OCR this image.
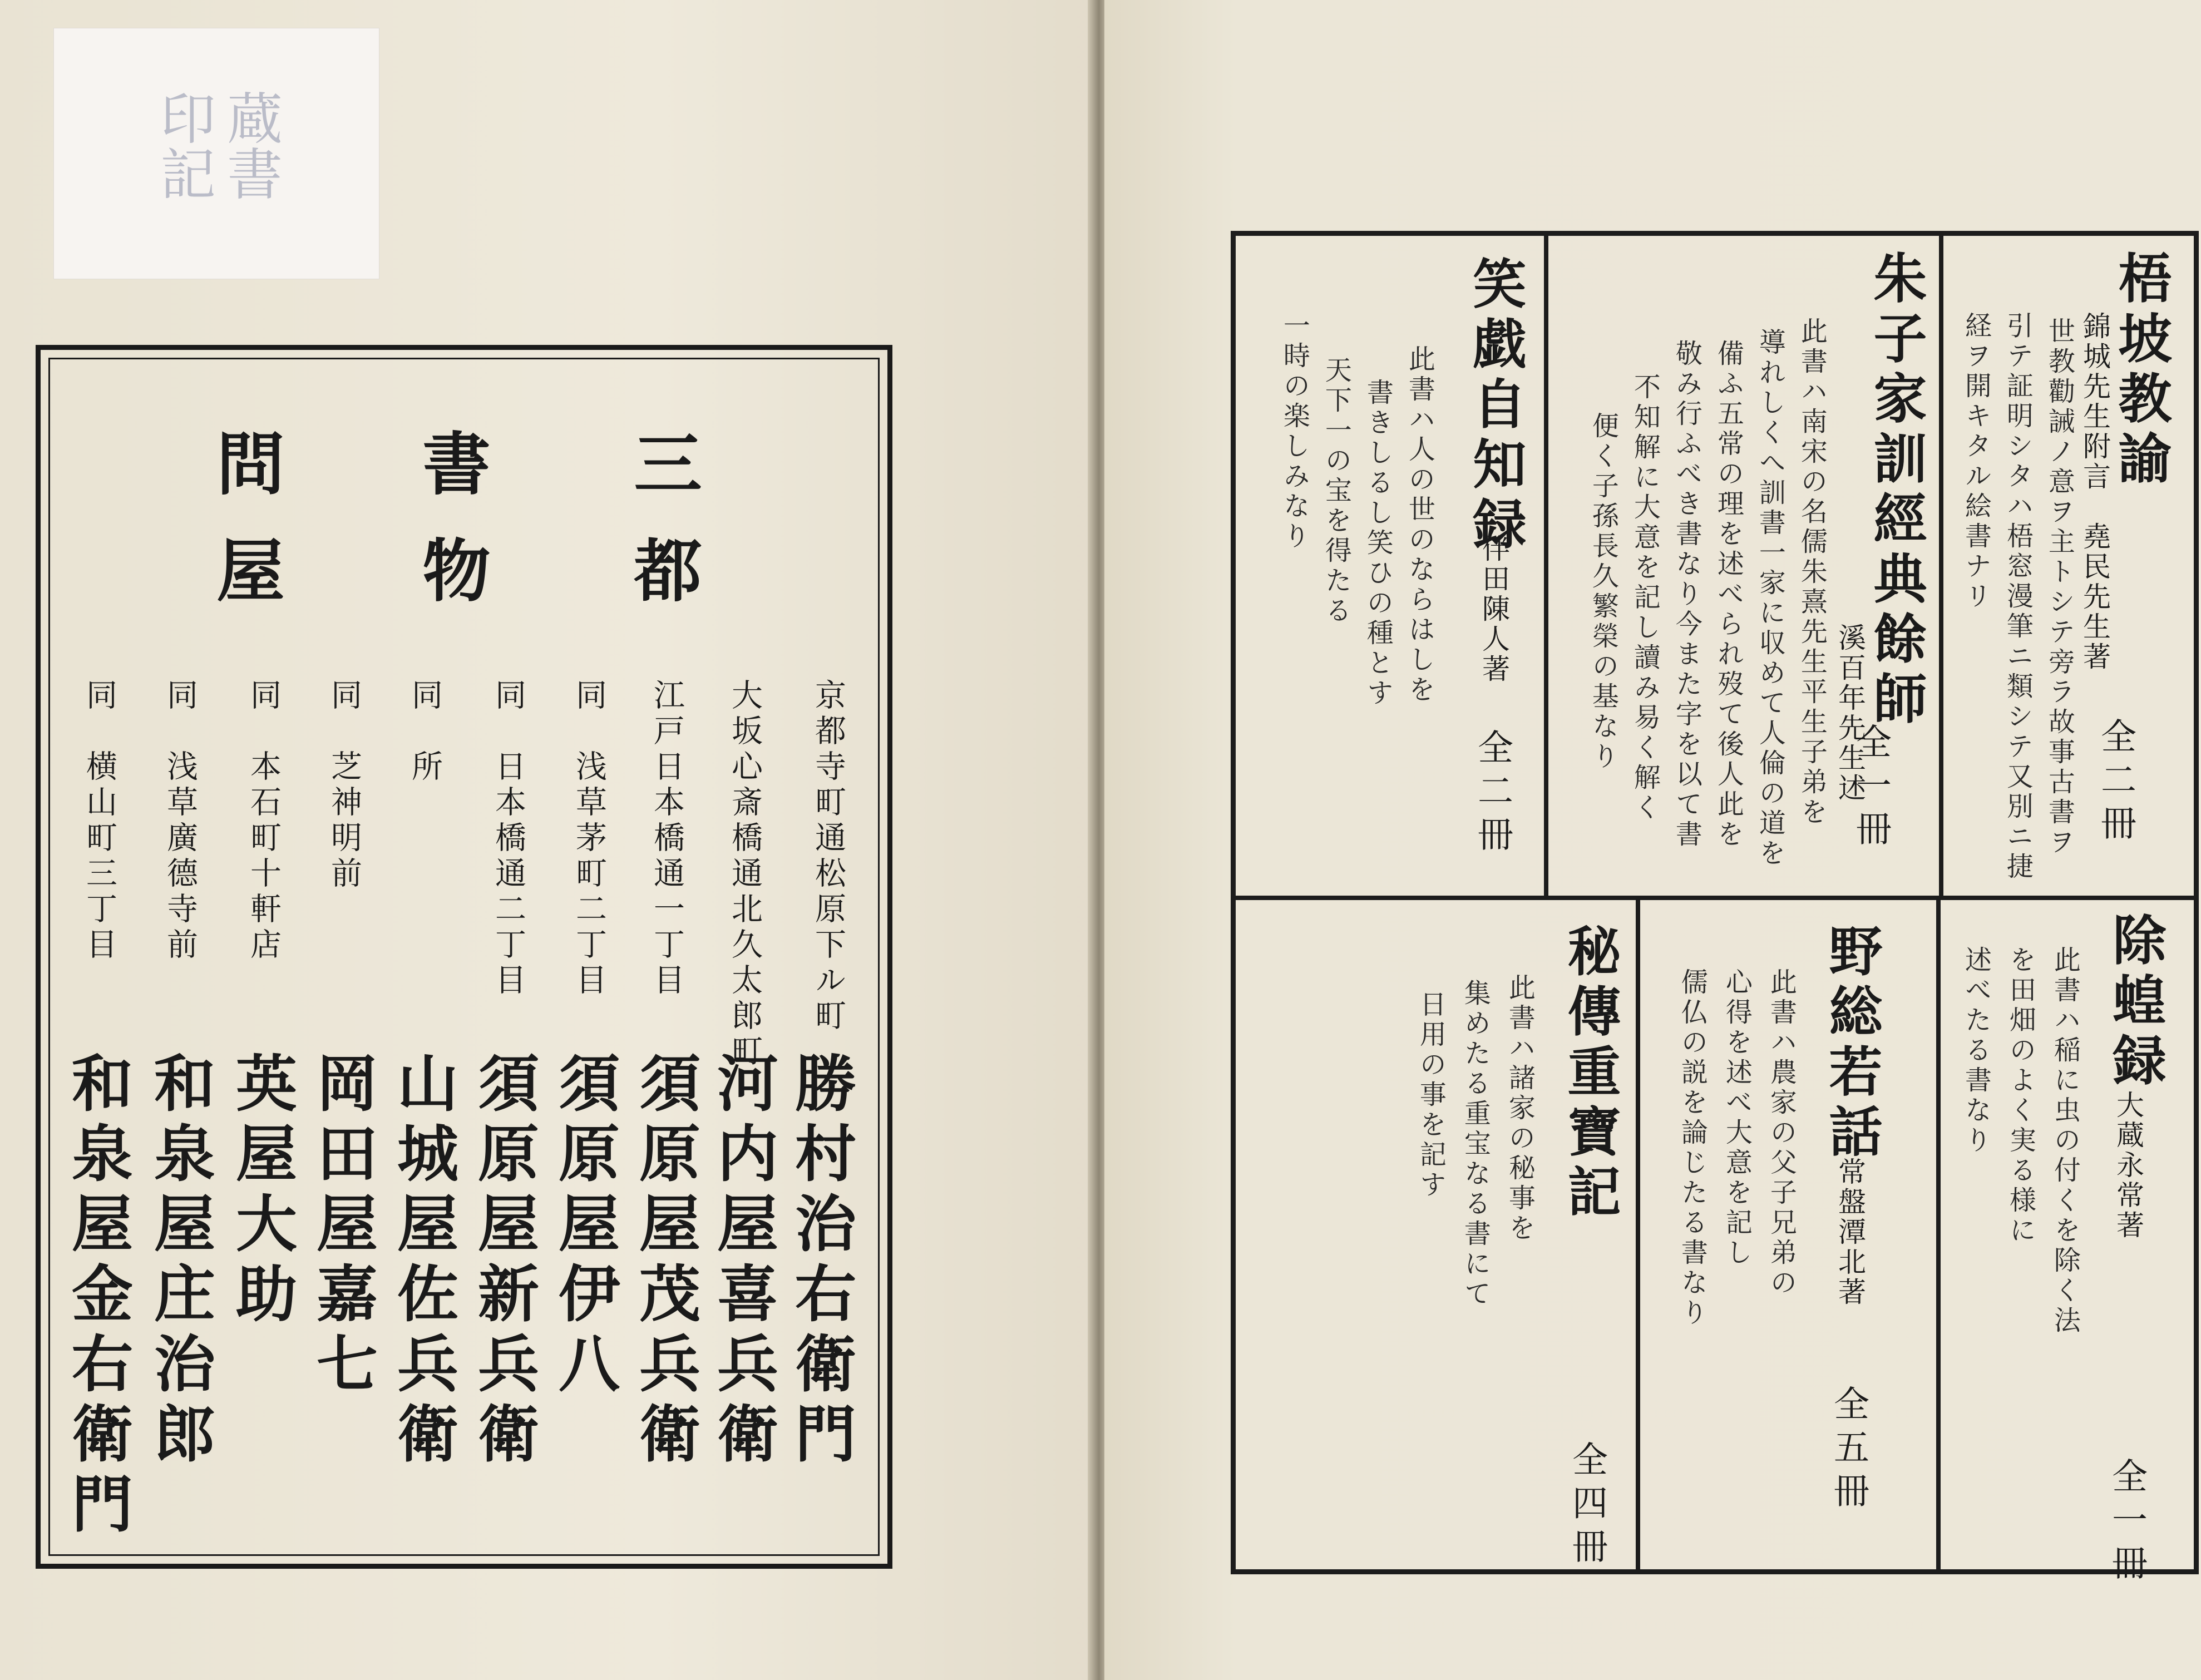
蔵書
印記
三都
書物
問屋
京都寺町通松原下ル町
大坂心斎橋通北久太郎町
江戸日本橋通一丁目
同　浅草茅町二丁目
同　日本橋通二丁目
同　所
同　芝神明前
同　本石町十軒店
同　浅草廣德寺前
同　横山町三丁目
勝村治右衛門
河内屋喜兵衛
須原屋茂兵衛
須原屋伊八
須原屋新兵衛
山城屋佐兵衛
岡田屋嘉七
英屋大助
和泉屋庄治郎
和泉屋金右衛門
梧坡教諭
錦城先生附言　堯民先生著
全二冊
世教勸誡ノ意ヲ主トシテ旁ラ故事古書ヲ
引テ証明シタハ梧窓漫筆ニ類シテ又別ニ捷
経ヲ開キタル絵書ナリ
朱子家訓經典餘師
溪百年先生述
全一冊
此書ハ南宋の名儒朱熹先生平生子弟を
導れしくへ訓書一家に収めて人倫の道を
備ふ五常の理を述べられ歿て後人此を
敬み行ふべき書なり今また字を以て書
不知解に大意を記し讀み易く解く
便く子孫長久繁榮の基なり
笑戯自知録
伴田陳人著
全二冊
此書ハ人の世のならはしを
書きしるし笑ひの種とす
天下一の宝を得たる
一時の楽しみなり
除蝗録
大蔵永常著
全一冊
此書ハ稲に虫の付くを除く法
を田畑のよく実る様に
述べたる書なり
野総若話
常盤潭北著
全五冊
此書ハ農家の父子兄弟の
心得を述べ大意を記し
儒仏の説を論じたる書なり
秘傳重寶記
全四冊
此書ハ諸家の秘事を
集めたる重宝なる書にて
日用の事を記す
